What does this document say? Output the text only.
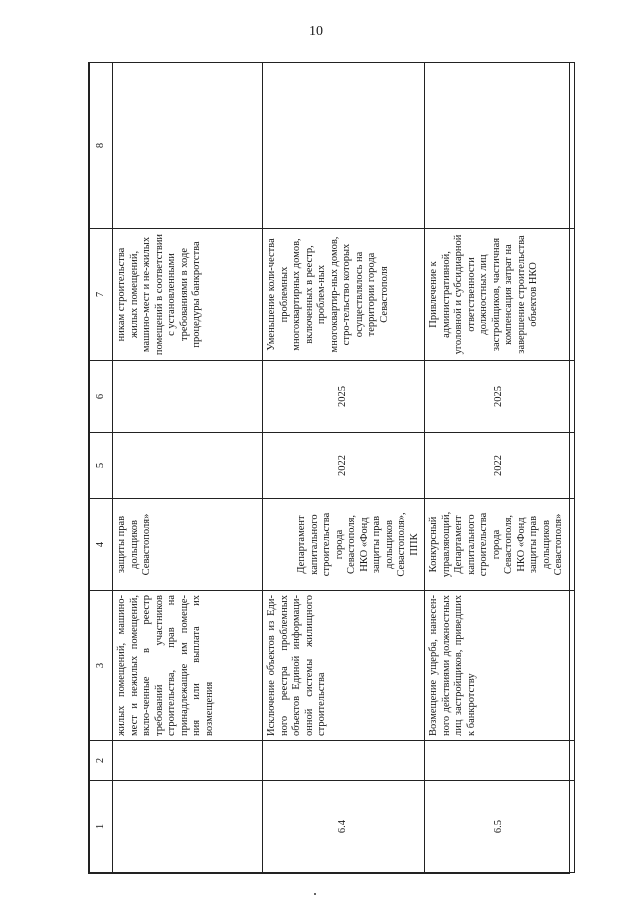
10
1	2	3	4	5	6	7	8
		жилых помещений, машино-мест и нежилых помещений, вклю-ченные в реестр требований участников строительства, прав на принадлежащие им помеще-ния или выплата их возмещения	защиты прав дольщиков Севастополя»			никам строительства жилых помещений, машино-мест и не-жилых помещений в соответствии с установленными требованиями в ходе процедуры банкротства	
6.4		Исключение объектов из Еди-ного реестра проблемных объектов Единой информаци-онной системы жилищного строительства	Департамент капитального строительства города Севастополя, НКО «Фонд защиты прав дольщиков Севастополя», ППК	2022	2025	Уменьшение коли-чества проблемных многоквартирных домов, включенных в реестр, проблем-ных многоквартир-ных домов, стро-тельство которых осуществлялось на территории города Севастополя	
6.5		Возмещение ущерба, нанесен-ного действиями должностных лиц застройщиков, приведших к банкротству	Конкурсный управляющий, Департамент капитального строительства города Севастополя, НКО «Фонд защиты прав дольщиков Севастополя»	2022	2025	Привлечение к административной, уголовной и субсидиарной ответственности должностных лиц застройщиков, частичная компенсация затрат на завершение строительства объектов НКО	
